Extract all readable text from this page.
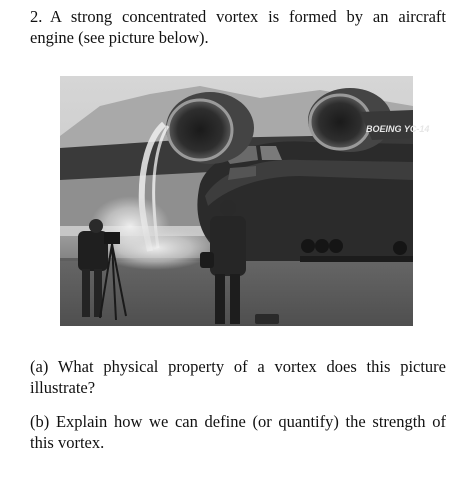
2. A strong concentrated vortex is formed by an aircraft engine (see picture below).
BOEING YC-14
(a) What physical property of a vortex does this picture illustrate?
(b) Explain how we can define (or quantify) the strength of this vortex.
